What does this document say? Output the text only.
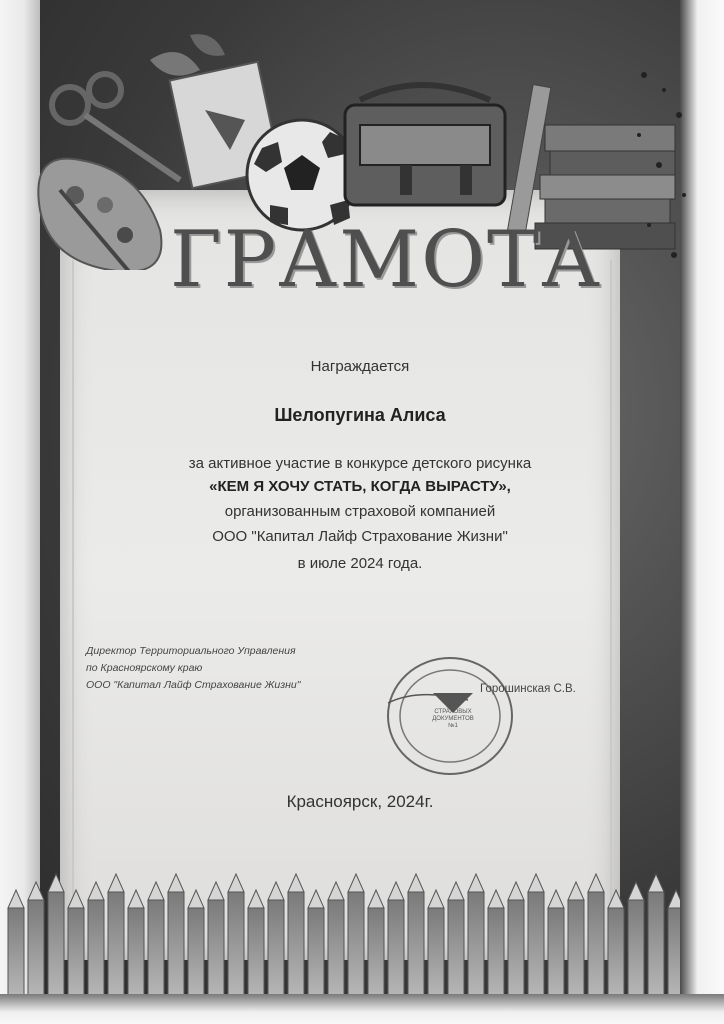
ГРАМОТА
Награждается
Шелопугина Алиса
за активное участие в конкурсе детского рисунка
«КЕМ Я ХОЧУ СТАТЬ, КОГДА ВЫРАСТУ»,
организованным страховой компанией
ООО "Капитал Лайф Страхование Жизни"
в июле 2024 года.
Директор Территориального Управления
по Красноярскому краю
ООО "Капитал Лайф Страхование Жизни"
ДЛЯ СТРАХОВЫХ ДОКУМЕНТОВ №1
Горошинская С.В.
Красноярск, 2024г.
